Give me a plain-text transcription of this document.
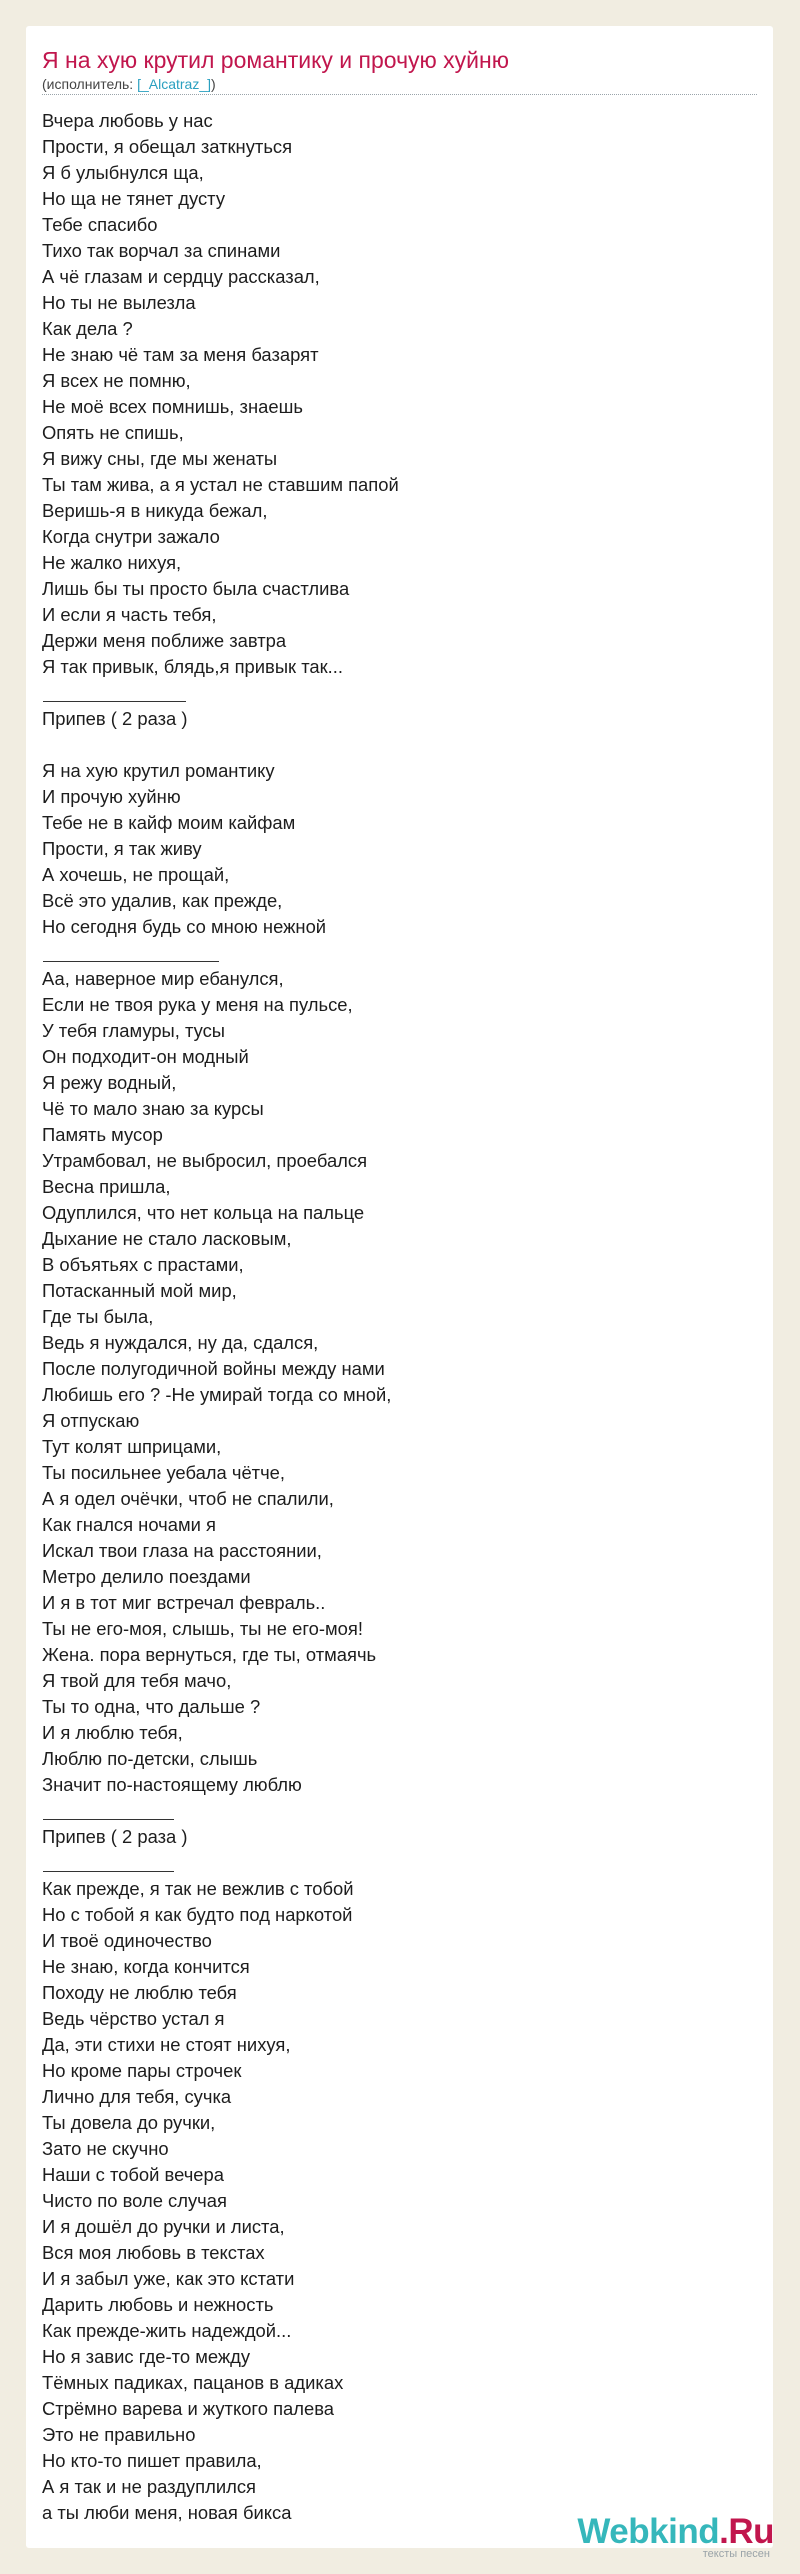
Я на хую крутил романтику и прочую хуйню
(исполнитель: [_Alcatraz_])
Вчера любовь у нас
Прости, я обещал заткнуться
Я б улыбнулся ща,
Но ща не тянет дусту
Тебе спасибо
Тихо так ворчал за спинами
А чё глазам и сердцу рассказал,
Но ты не вылезла
Как дела ?
Не знаю чё там за меня базарят
Я всех не помню,
Не моё всех помнишь, знаешь
Опять не спишь,
Я вижу сны, где мы женаты
Ты там жива, а я устал не ставшим папой
Веришь-я в никуда бежал,
Когда снутри зажало
Не жалко нихуя,
Лишь бы ты просто была счастлива
И если я часть тебя,
Держи меня поближе завтра
Я так привык, блядь,я привык так...
Припев ( 2 раза )
Я на хую крутил романтику
И прочую хуйню
Тебе не в кайф моим кайфам
Прости, я так живу
А хочешь, не прощай,
Всё это удалив, как прежде,
Но сегодня будь со мною нежной
Аа, наверное мир ебанулся,
Если не твоя рука у меня на пульсе,
У тебя гламуры, тусы
Он подходит-он модный
Я режу водный,
Чё то мало знаю за курсы
Память мусор
Утрамбовал, не выбросил, проебался
Весна пришла,
Одуплился, что нет кольца на пальце
Дыхание не стало ласковым,
В объятьях с прастами,
Потасканный мой мир,
Где ты была,
Ведь я нуждался, ну да, сдался,
После полугодичной войны между нами
Любишь его ? -Не умирай тогда со мной,
Я отпускаю
Тут колят шприцами,
Ты посильнее уебала чётче,
А я одел очёчки, чтоб не спалили,
Как гнался ночами я
Искал твои глаза на расстоянии,
Метро делило поездами
И я в тот миг встречал февраль..
Ты не его-моя, слышь, ты не его-моя!
Жена. пора вернуться, где ты, отмаячь
Я твой для тебя мачо,
Ты то одна, что дальше ?
И я люблю тебя,
Люблю по-детски, слышь
Значит по-настоящему люблю
Припев ( 2 раза )
Как прежде, я так не вежлив с тобой
Но с тобой я как будто под наркотой
И твоё одиночество
Не знаю, когда кончится
Походу не люблю тебя
Ведь чёрство устал я
Да, эти стихи не стоят нихуя,
Но кроме пары строчек
Лично для тебя, сучка
Ты довела до ручки,
Зато не скучно
Наши с тобой вечера
Чисто по воле случая
И я дошёл до ручки и листа,
Вся моя любовь в текстах
И я забыл уже, как это кстати
Дарить любовь и нежность
Как прежде-жить надеждой...
Но я завис где-то между
Тёмных падиках, пацанов в адиках
Стрёмно варева и жуткого палева
Это не правильно
Но кто-то пишет правила,
А я так и не раздуплился
а ты люби меня, новая бикса	Webkind.Ru
тексты песен
